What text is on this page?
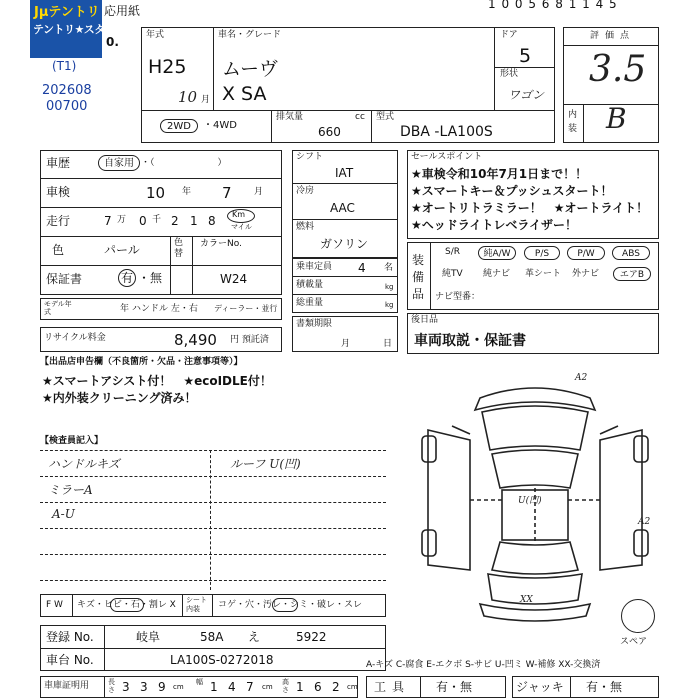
Jμテントリ
テントリ★スター
応用紙	1 0 0 5 6 8 1 1 4 5
0.
(T1)
202608
00700
年式
H25
10 月
車名・グレード
ムーヴ
X SA
ドア
5
形状
ワゴン
2WD	・4WD
排気量	cc
660
型式
DBA ‐LA100S
評価点
3.5
内装 B
車歴	自家用 ・（　　　　　　　）
車検	10 年 7 月
走行	7 万 0 千 2 1 8 Km
マイル
色	パール	色替
カラーNo.
保証書	有 ・無	W24
モデル年式	年 ハンドル 左・右 ディーラー・並行
リサイクル料金	8,490 円 預託済
シフト
IAT
冷房
AAC
燃料
ガソリン
乗車定員 4 名
積載量	kg
総重量	kg
書類期限
月	日
セールスポイント
★車検令和10年7月1日まで！！
★スマートキー＆プッシュスタート！
★オートリトラミラー！　★オートライト！
★ヘッドライトレベライザー！
装備品
S/R	純A/W	P/S	P/W	ABS
純TV 純ナビ 革シート 外ナビ	エアB
ナビ型番：
後日品
車両取説・保証書
【出品店申告欄（不良箇所・欠品・注意事項等）】
★スマートアシスト付！　★ecoIDLE付！
★内外装クリーニング済み！
【検査員記入】
ハンドルキズ
ミラーA
A-U
ルーフ U(凹)
A2
U(凹)
A2
XX
スペア
F W キズ・ヒビ・石・割レ X シート内装	コゲ・穴・汚レ・シミ・破レ・スレ
登録 No.	岐阜	58A え	5922
車台 No.	LA100S-0272018
車庫証明用	長さ 3 3 9 cm
幅 1 4 7 cm
高さ 1 6 2 cm
A-キズ C-腐食 E-エクボ S-サビ U-凹ミ W-補修 XX-交換済
工具 有・無	ジャッキ 有・無
